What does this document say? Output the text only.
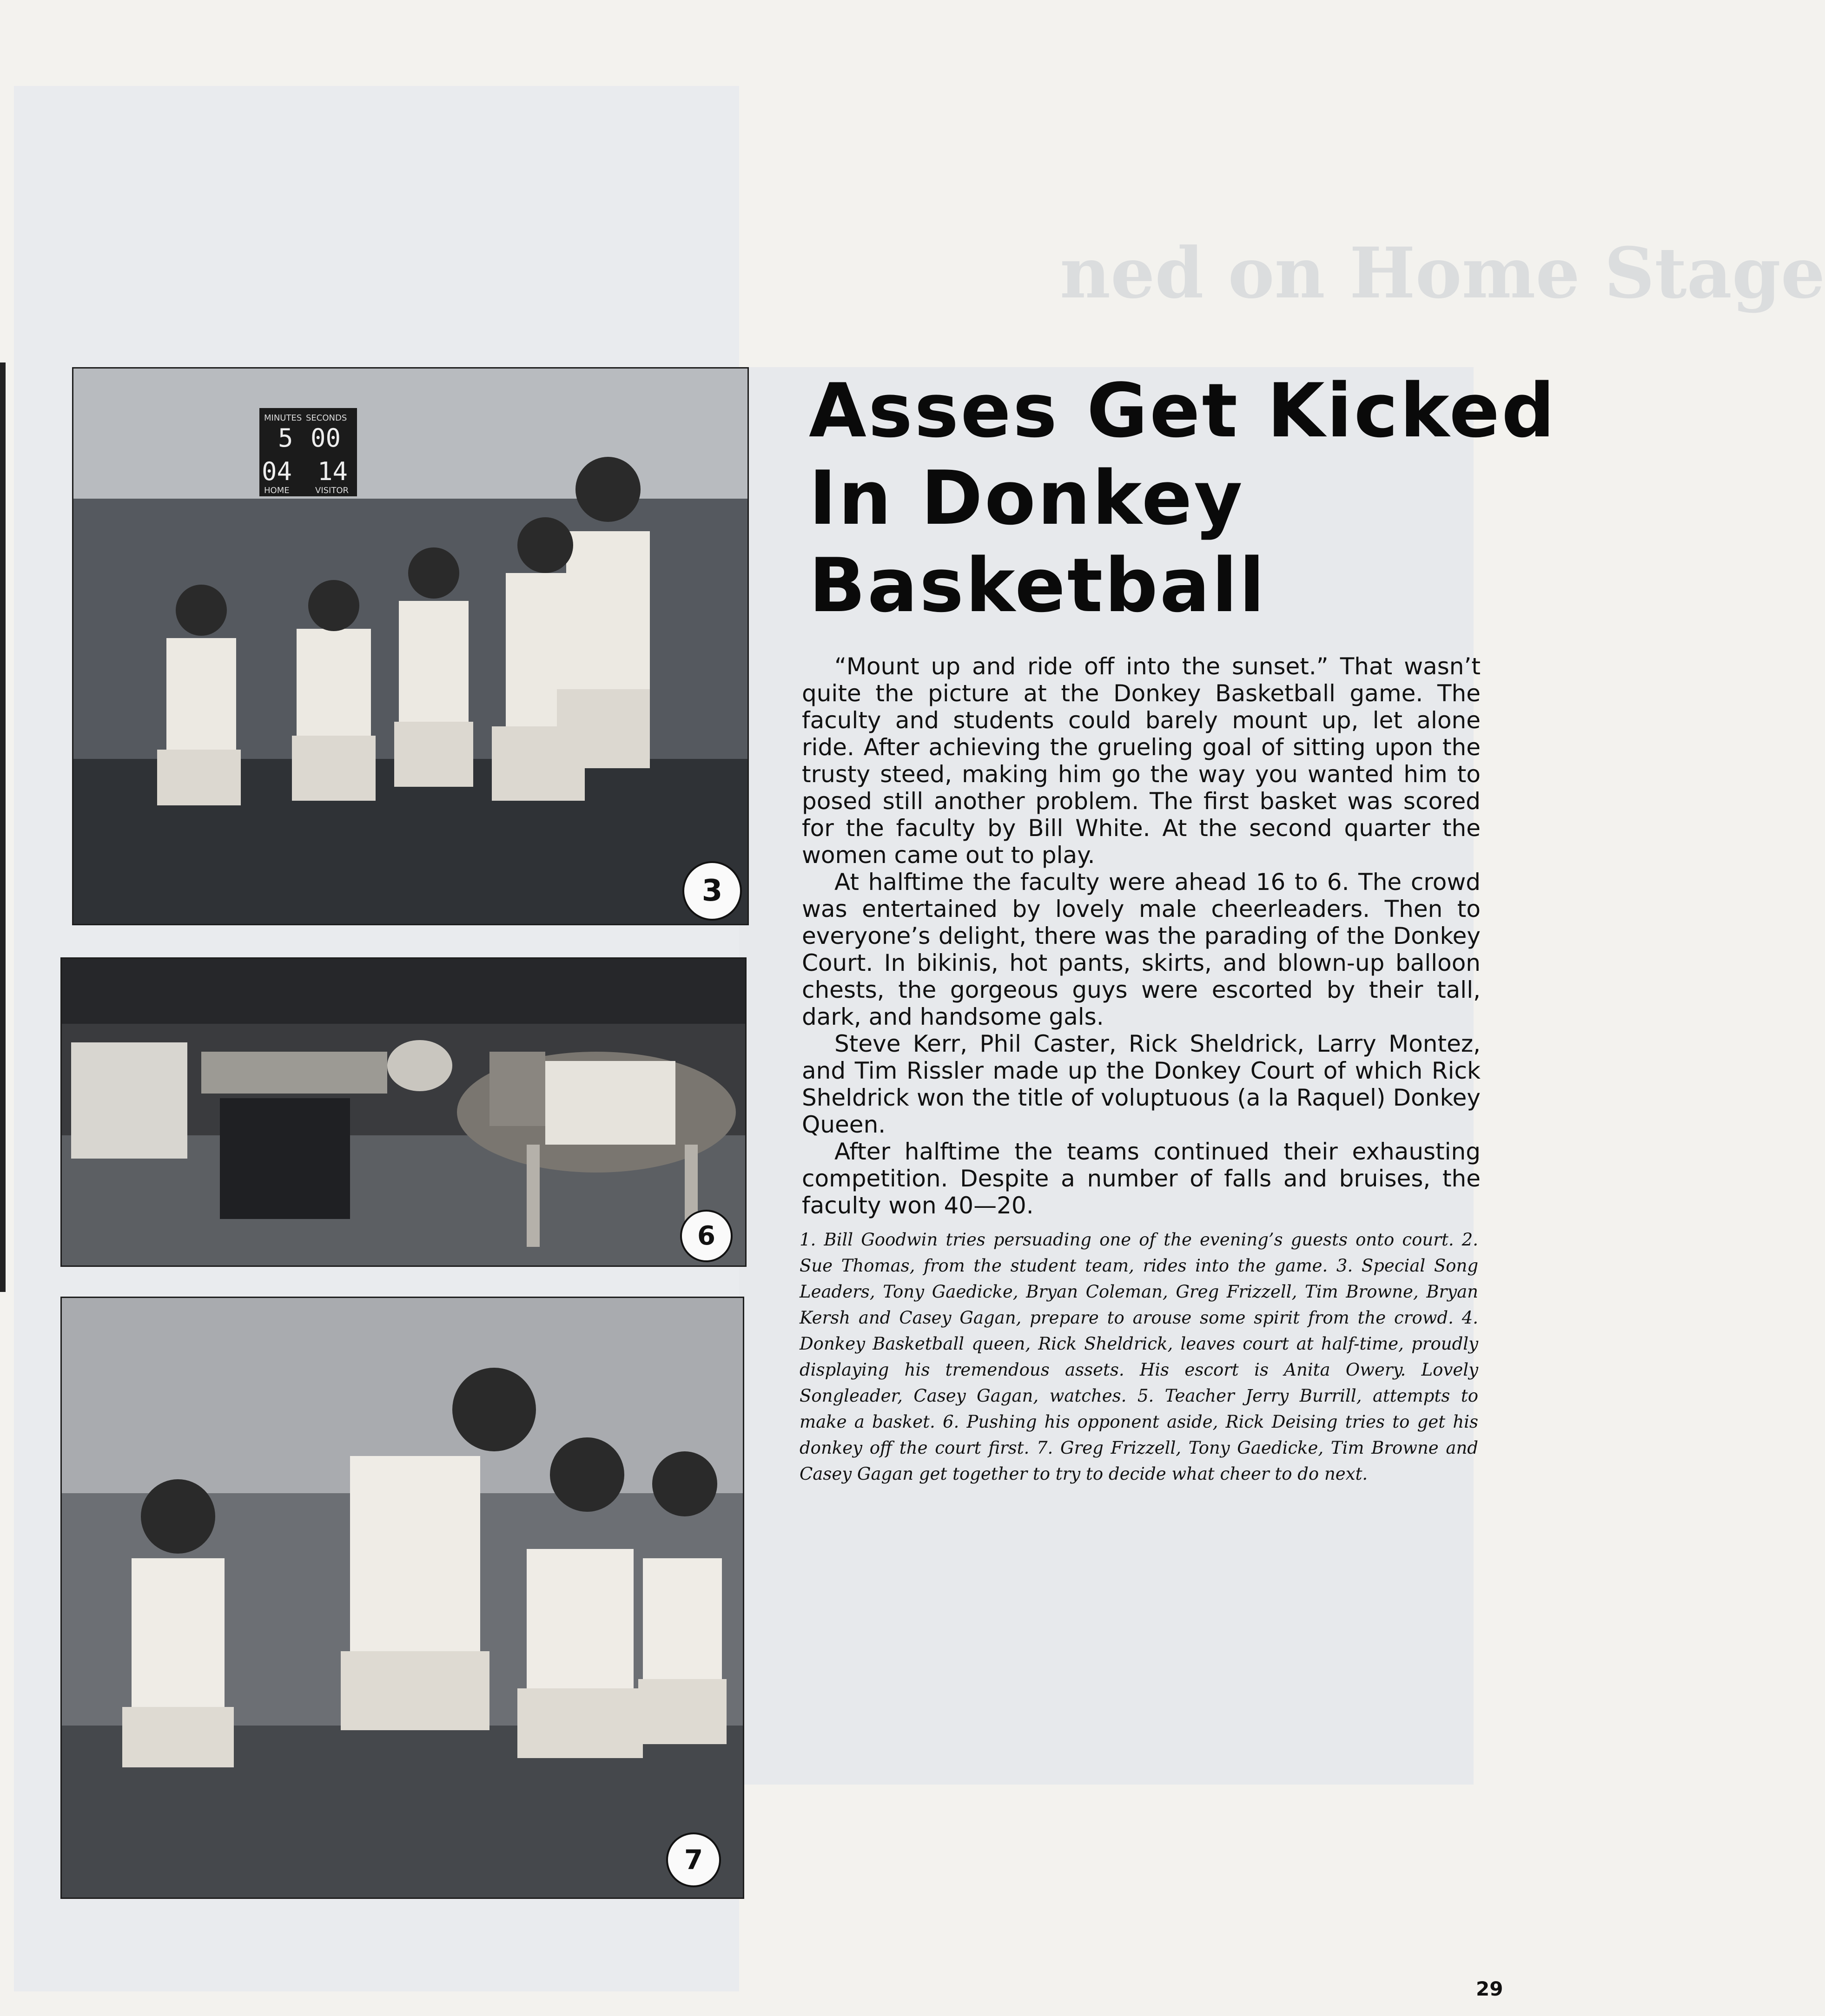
ned on Home Stage
MINUTES SECONDS
5 00
04 14
HOME	VISITOR
3
6
7
Asses Get Kicked
In Donkey
Basketball

“Mount up and ride off into the sunset.” That wasn’t quite the picture at the Donkey Basketball game. The faculty and students could barely mount up, let alone ride. After achieving the grueling goal of sitting upon the trusty steed, making him go the way you wanted him to posed still another problem. The first basket was scored for the faculty by Bill White. At the second quarter the women came out to play.

At halftime the faculty were ahead 16 to 6. The crowd was entertained by lovely male cheerleaders. Then to everyone’s delight, there was the parading of the Donkey Court. In bikinis, hot pants, skirts, and blown-up balloon chests, the gorgeous guys were escorted by their tall, dark, and handsome gals.

Steve Kerr, Phil Caster, Rick Sheldrick, Larry Montez, and Tim Rissler made up the Donkey Court of which Rick Sheldrick won the title of voluptuous (a la Raquel) Donkey Queen.

After halftime the teams continued their exhausting competition. Despite a number of falls and bruises, the faculty won 40—20.

1. Bill Goodwin tries persuading one of the evening’s guests onto court. 2. Sue Thomas, from the student team, rides into the game. 3. Special Song Leaders, Tony Gaedicke, Bryan Coleman, Greg Frizzell, Tim Browne, Bryan Kersh and Casey Gagan, prepare to arouse some spirit from the crowd. 4. Donkey Basketball queen, Rick Sheldrick, leaves court at half-time, proudly displaying his tremendous assets. His escort is Anita Owery. Lovely Songleader, Casey Gagan, watches. 5. Teacher Jerry Burrill, attempts to make a basket. 6. Pushing his opponent aside, Rick Deising tries to get his donkey off the court first. 7. Greg Frizzell, Tony Gaedicke, Tim Browne and Casey Gagan get together to try to decide what cheer to do next.
29
